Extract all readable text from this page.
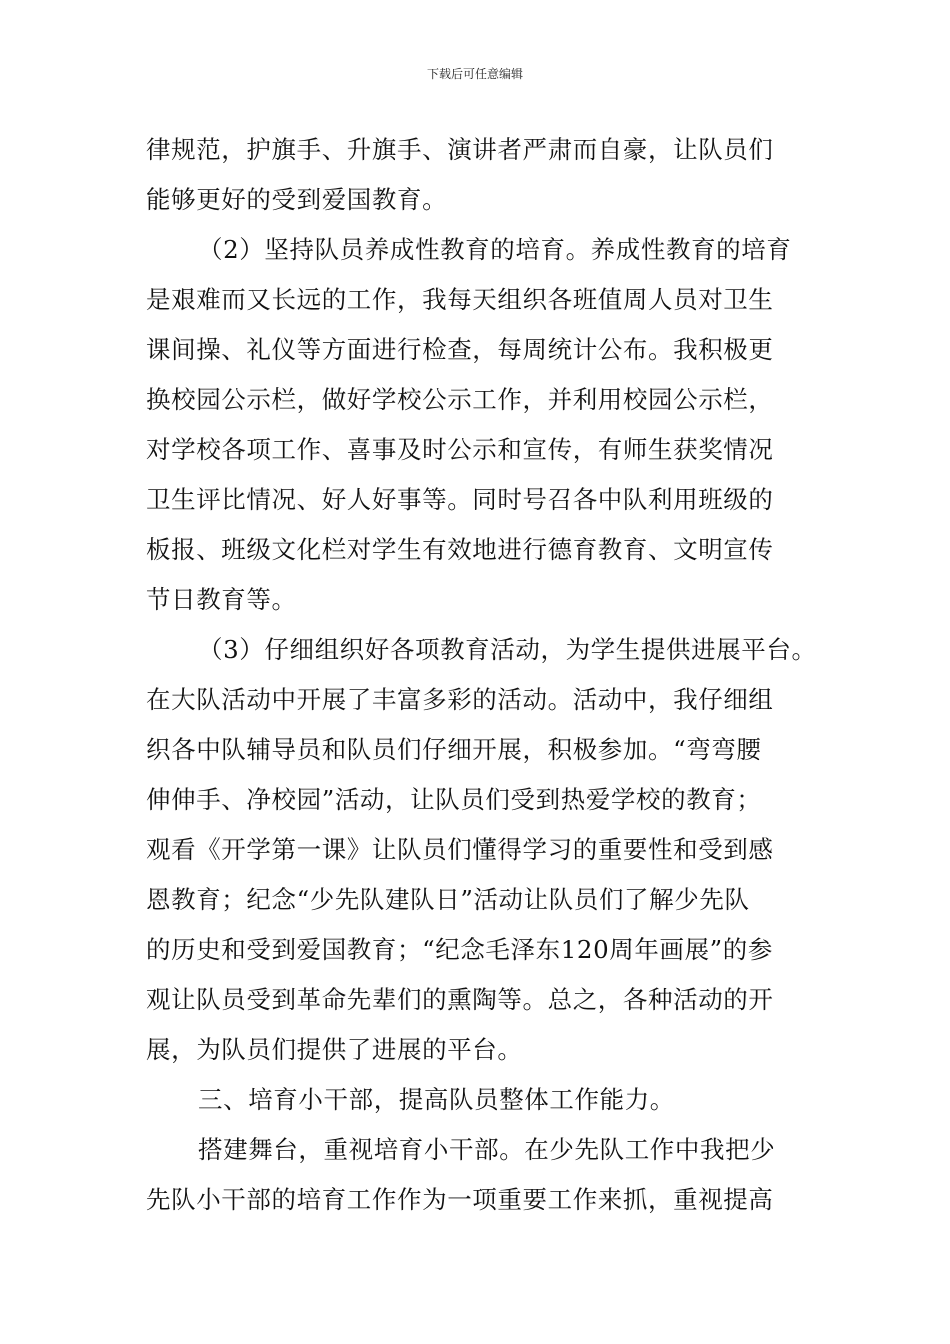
下载后可任意编辑
律规范，护旗手、升旗手、演讲者严肃而自豪，让队员们
能够更好的受到爱国教育。
（2）坚持队员养成性教育的培育。养成性教育的培育
是艰难而又长远的工作，我每天组织各班值周人员对卫生
课间操、礼仪等方面进行检查，每周统计公布。我积极更
换校园公示栏，做好学校公示工作，并利用校园公示栏，
对学校各项工作、喜事及时公示和宣传，有师生获奖情况
卫生评比情况、好人好事等。同时号召各中队利用班级的
板报、班级文化栏对学生有效地进行德育教育、文明宣传
节日教育等。
（3）仔细组织好各项教育活动，为学生提供进展平台。
在大队活动中开展了丰富多彩的活动。活动中，我仔细组
织各中队辅导员和队员们仔细开展，积极参加。“弯弯腰
伸伸手、净校园”活动，让队员们受到热爱学校的教育；
观看《开学第一课》让队员们懂得学习的重要性和受到感
恩教育；纪念“少先队建队日”活动让队员们了解少先队
的历史和受到爱国教育；“纪念毛泽东120周年画展”的参
观让队员受到革命先辈们的熏陶等。总之，各种活动的开
展，为队员们提供了进展的平台。
三、培育小干部，提高队员整体工作能力。
搭建舞台，重视培育小干部。在少先队工作中我把少
先队小干部的培育工作作为一项重要工作来抓，重视提高
